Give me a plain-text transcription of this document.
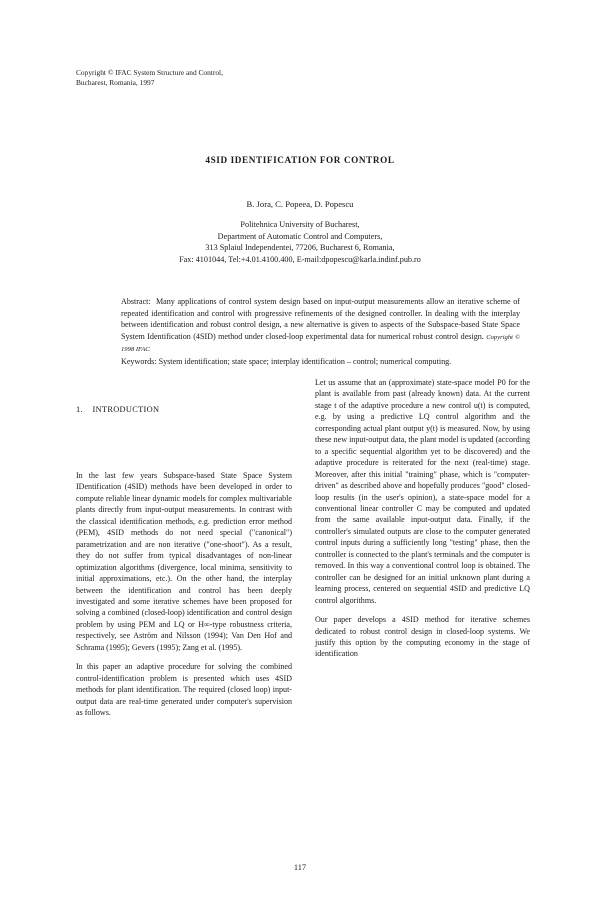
Copyright © IFAC System Structure and Control,
Bucharest, Romania, 1997
4SID IDENTIFICATION FOR CONTROL
B. Jora, C. Popeea, D. Popescu
Politehnica University of Bucharest,
Department of Automatic Control and Computers,
313 Splaiul Independentei, 77206, Bucharest 6, Romania,
Fax: 4101044, Tel:+4.01.4100.400, E-mail:dpopescu@karla.indinf.pub.ro
Abstract: Many applications of control system design based on input-output measurements allow an iterative scheme of repeated identification and control with progressive refinements of the designed controller. In dealing with the interplay between identification and robust control design, a new alternative is given to aspects of the Subspace-based State Space System Identification (4SID) method under closed-loop experimental data for numerical robust control design. Copyright © 1998 IFAC
Keywords: System identification; state space; interplay identification – control; numerical computing.
1. INTRODUCTION

In the last few years Subspace-based State Space System IDentification (4SID) methods have been developed in order to compute reliable linear dynamic models for complex multivariable plants directly from input-output measurements. In contrast with the classical identification methods, e.g. prediction error method (PEM), 4SID methods do not need special ("canonical") parametrization and are non iterative ("one-shoot"). As a result, they do not suffer from typical disadvantages of non-linear optimization algorithms (divergence, local minima, sensitivity to initial approximations, etc.). On the other hand, the interplay between the identification and control has been deeply investigated and some iterative schemes have been proposed for solving a combined (closed-loop) identification and control design problem by using PEM and LQ or H∞-type robustness criteria, respectively, see Aström and Nilsson (1994); Van Den Hof and Schrama (1995); Gevers (1995); Zang et al. (1995).

In this paper an adaptive procedure for solving the combined control-identification problem is presented which uses 4SID methods for plant identification. The required (closed loop) input-output data are real-time generated under computer's supervision as follows.

Let us assume that an (approximate) state-space model P0 for the plant is available from past (already known) data. At the current stage t of the adaptive procedure a new control u(t) is computed, e.g. by using a predictive LQ control algorithm and the corresponding actual plant output y(t) is measured. Now, by using these new input-output data, the plant model is updated (according to a specific sequential algorithm yet to be discovered) and the adaptive procedure is reiterated for the next (real-time) stage. Moreover, after this initial "training" phase, which is "computer-driven" as described above and hopefully produces "good" closed-loop results (in the user's opinion), a state-space model for a conventional linear controller C may be computed and updated from the same available input-output data. Finally, if the controller's simulated outputs are close to the computer generated control inputs during a sufficiently long "testing" phase, then the controller is connected to the plant's terminals and the computer is removed. In this way a conventional control loop is obtained. The controller can be designed for an initial unknown plant during a learning process, centered on sequential 4SID and predictive LQ control algorithms.

Our paper develops a 4SID method for iterative schemes dedicated to robust control design in closed-loop systems. We justify this option by the computing economy in the stage of identification

117
